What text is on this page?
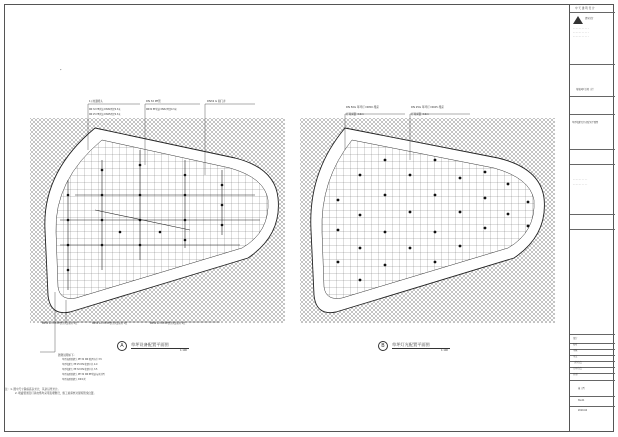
*
1) 地面喷头
DN 32 PE管道 DN32埋深0.3米
DN 25 PE管道 DN25埋深0.3米
DN 32 PE管
DN32 PE管道 DN32埋深0.3米
DN32 G 阀门井
DN50 G-3 D8 PE给水管道布置 2处	DN50 G-1 D8 PE给水管道布置 1处	DN50 G-3 D8 PE给水管道布置 1处
A	草坪设备配置平面图
1:100
图例说明如下:
草坪地面喷灌头 PE 32 DN 喷洒半径 3.5
草坪喷灌头 PE 25 DN 喷洒半径 4.0
草坪喷灌头 PE 32 DN 喷洒半径 3.5
草坪地面喷灌头 PE 32 DN PE管道布置详图
草坪地面喷灌头 DN 1管
DN 50G 草坪灯 DN50 埋深
灯具间距 4.0m
DN 25G 草坪灯 DN25 埋深
灯具间距 4.0m
B	草坪灯光配置平面图
1:100
注：1. 图中尺寸除标高以米计，其余以毫米计。
2. 喷灌管道及灯具电缆均采用直埋敷设，施工前请核对现场管线位置。
中 天 建 筑 设 计
建筑设计
- - - - - - - - - - -
- - - - - - - - - - -
- - - - - - - - - - -
某某园区景观工程
草坪喷灌及灯光配置平面图
- - - - - - - - - -
- - - - - - - - - -
设计
校对
审核
审定
工程负责
专业负责
日期
施工图
SS-01
2019.04
